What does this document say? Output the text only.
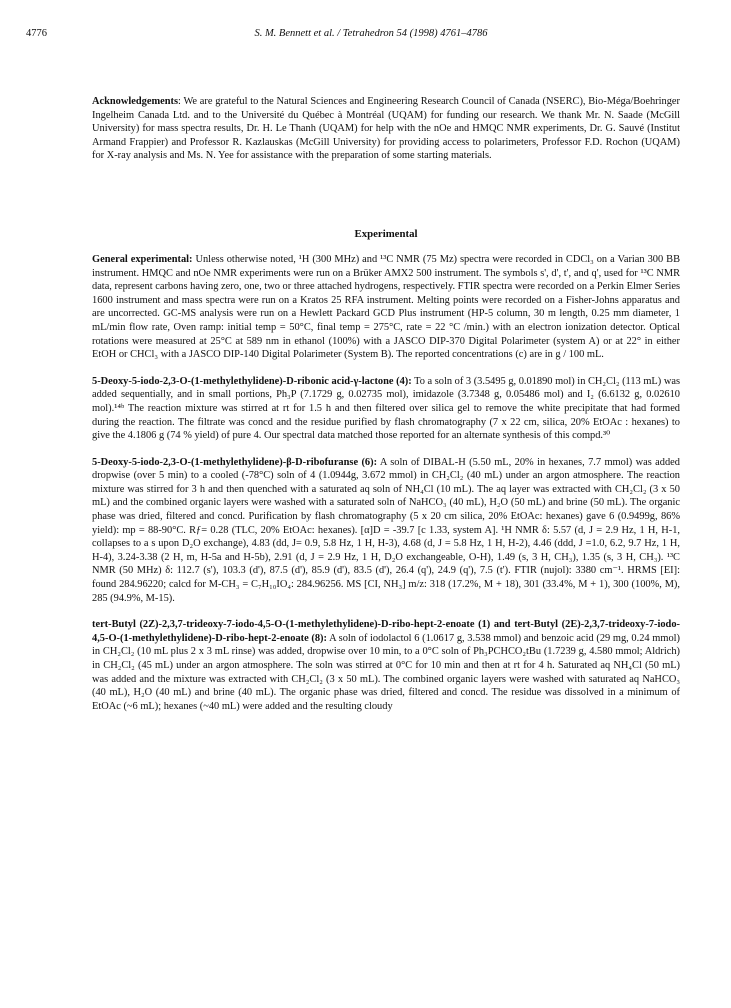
4776	S. M. Bennett et al. / Tetrahedron 54 (1998) 4761–4786

Acknowledgements: We are grateful to the Natural Sciences and Engineering Research Council of Canada (NSERC), Bio-Méga/Boehringer Ingelheim Canada Ltd. and to the Université du Québec à Montréal (UQAM) for funding our research. We thank Mr. N. Saade (McGill University) for mass spectra results, Dr. H. Le Thanh (UQAM) for help with the nOe and HMQC NMR experiments, Dr. G. Sauvé (Institut Armand Frappier) and Professor R. Kazlauskas (McGill University) for providing access to polarimeters, Professor F.D. Rochon (UQAM) for X-ray analysis and Ms. N. Yee for assistance with the preparation of some starting materials.

Experimental

General experimental: Unless otherwise noted, ¹H (300 MHz) and ¹³C NMR (75 Mz) spectra were recorded in CDCl₃ on a Varian 300 BB instrument. HMQC and nOe NMR experiments were run on a Brüker AMX2 500 instrument. The symbols s', d', t', and q', used for ¹³C NMR data, represent carbons having zero, one, two or three attached hydrogens, respectively. FTIR spectra were recorded on a Perkin Elmer Series 1600 instrument and mass spectra were run on a Kratos 25 RFA instrument. Melting points were recorded on a Fisher-Johns apparatus and are uncorrected. GC-MS analysis were run on a Hewlett Packard GCD Plus instrument (HP-5 column, 30 m length, 0.25 mm diameter, 1 mL/min flow rate, Oven ramp: initial temp = 50°C, final temp = 275°C, rate = 22 °C /min.) with an electron ionization detector. Optical rotations were measured at 25°C at 589 nm in ethanol (100%) with a JASCO DIP-370 Digital Polarimeter (system A) or at 22° in either EtOH or CHCl₃ with a JASCO DIP-140 Digital Polarimeter (System B). The reported concentrations (c) are in g / 100 mL.

5-Deoxy-5-iodo-2,3-O-(1-methylethylidene)-D-ribonic acid-γ-lactone (4): To a soln of 3 (3.5495 g, 0.01890 mol) in CH₂Cl₂ (113 mL) was added sequentially, and in small portions, Ph₃P (7.1729 g, 0.02735 mol), imidazole (3.7348 g, 0.05486 mol) and I₂ (6.6132 g, 0.02610 mol).¹⁴ᵇ The reaction mixture was stirred at rt for 1.5 h and then filtered over silica gel to remove the white precipitate that had formed during the reaction. The filtrate was concd and the residue purified by flash chromatography (7 x 22 cm, silica, 20% EtOAc : hexanes) to give the 4.1806 g (74 % yield) of pure 4. Our spectral data matched those reported for an alternate synthesis of this compd.³⁰

5-Deoxy-5-iodo-2,3-O-(1-methylethylidene)-β-D-ribofuranse (6): A soln of DIBAL-H (5.50 mL, 20% in hexanes, 7.7 mmol) was added dropwise (over 5 min) to a cooled (-78°C) soln of 4 (1.0944g, 3.672 mmol) in CH₂Cl₂ (40 mL) under an argon atmosphere. The reaction mixture was stirred for 3 h and then quenched with a saturated aq soln of NH₄Cl (10 mL). The aq layer was extracted with CH₂Cl₂ (3 x 50 mL) and the combined organic layers were washed with a saturated soln of NaHCO₃ (40 mL), H₂O (50 mL) and brine (50 mL). The organic phase was dried, filtered and concd. Purification by flash chromatography (5 x 20 cm silica, 20% EtOAc: hexanes) gave 6 (0.9499g, 86% yield): mp = 88-90°C. Rƒ= 0.28 (TLC, 20% EtOAc: hexanes). [α]D = -39.7 [c 1.33, system A]. ¹H NMR δ: 5.57 (d, J = 2.9 Hz, 1 H, H-1, collapses to a s upon D₂O exchange), 4.83 (dd, J= 0.9, 5.8 Hz, 1 H, H-3), 4.68 (d, J = 5.8 Hz, 1 H, H-2), 4.46 (ddd, J =1.0, 6.2, 9.7 Hz, 1 H, H-4), 3.24-3.38 (2 H, m, H-5a and H-5b), 2.91 (d, J = 2.9 Hz, 1 H, D₂O exchangeable, O-H), 1.49 (s, 3 H, CH₃), 1.35 (s, 3 H, CH₃). ¹³C NMR (50 MHz) δ: 112.7 (s'), 103.3 (d'), 87.5 (d'), 85.9 (d'), 83.5 (d'), 26.4 (q'), 24.9 (q'), 7.5 (t'). FTIR (nujol): 3380 cm⁻¹. HRMS [EI]: found 284.96220; calcd for M-CH₃ = C₇H₁₀IO₄: 284.96256. MS [CI, NH₃] m/z: 318 (17.2%, M + 18), 301 (33.4%, M + 1), 300 (100%, M), 285 (94.9%, M-15).

tert-Butyl (2Z)-2,3,7-trideoxy-7-iodo-4,5-O-(1-methylethylidene)-D-ribo-hept-2-enoate (1) and tert-Butyl (2E)-2,3,7-trideoxy-7-iodo-4,5-O-(1-methylethylidene)-D-ribo-hept-2-enoate (8): A soln of iodolactol 6 (1.0617 g, 3.538 mmol) and benzoic acid (29 mg, 0.24 mmol) in CH₂Cl₂ (10 mL plus 2 x 3 mL rinse) was added, dropwise over 10 min, to a 0°C soln of Ph₃PCHCO₂tBu (1.7239 g, 4.580 mmol; Aldrich) in CH₂Cl₂ (45 mL) under an argon atmosphere. The soln was stirred at 0°C for 10 min and then at rt for 4 h. Saturated aq NH₄Cl (50 mL) was added and the mixture was extracted with CH₂Cl₂ (3 x 50 mL). The combined organic layers were washed with saturated aq NaHCO₃ (40 mL), H₂O (40 mL) and brine (40 mL). The organic phase was dried, filtered and concd. The residue was dissolved in a minimum of EtOAc (~6 mL); hexanes (~40 mL) were added and the resulting cloudy
